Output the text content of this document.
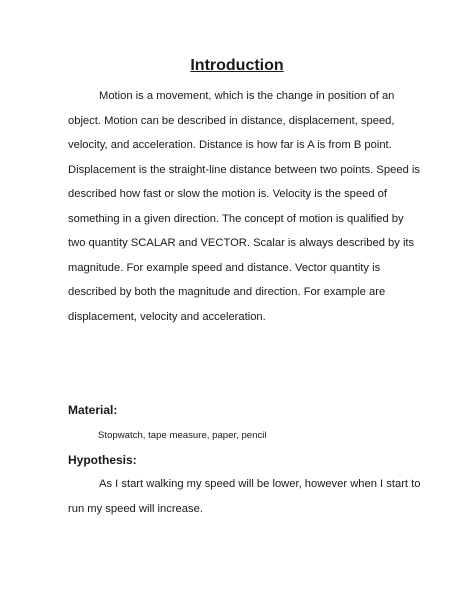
Introduction
Motion is a movement, which is the change in position of an
object. Motion can be described in distance, displacement, speed,
velocity, and acceleration. Distance is how far is A is from B point.
Displacement is the straight-line distance between two points. Speed is
described how fast or slow the motion is. Velocity is the speed of
something in a given direction. The concept of motion is qualified by
two quantity SCALAR and VECTOR. Scalar is always described by its
magnitude. For example speed and distance. Vector quantity is
described by both the magnitude and direction. For example are
displacement, velocity and acceleration.
Material:
Stopwatch, tape measure, paper, pencil
Hypothesis:
As I start walking my speed will be lower, however when I start to
run my speed will increase.
